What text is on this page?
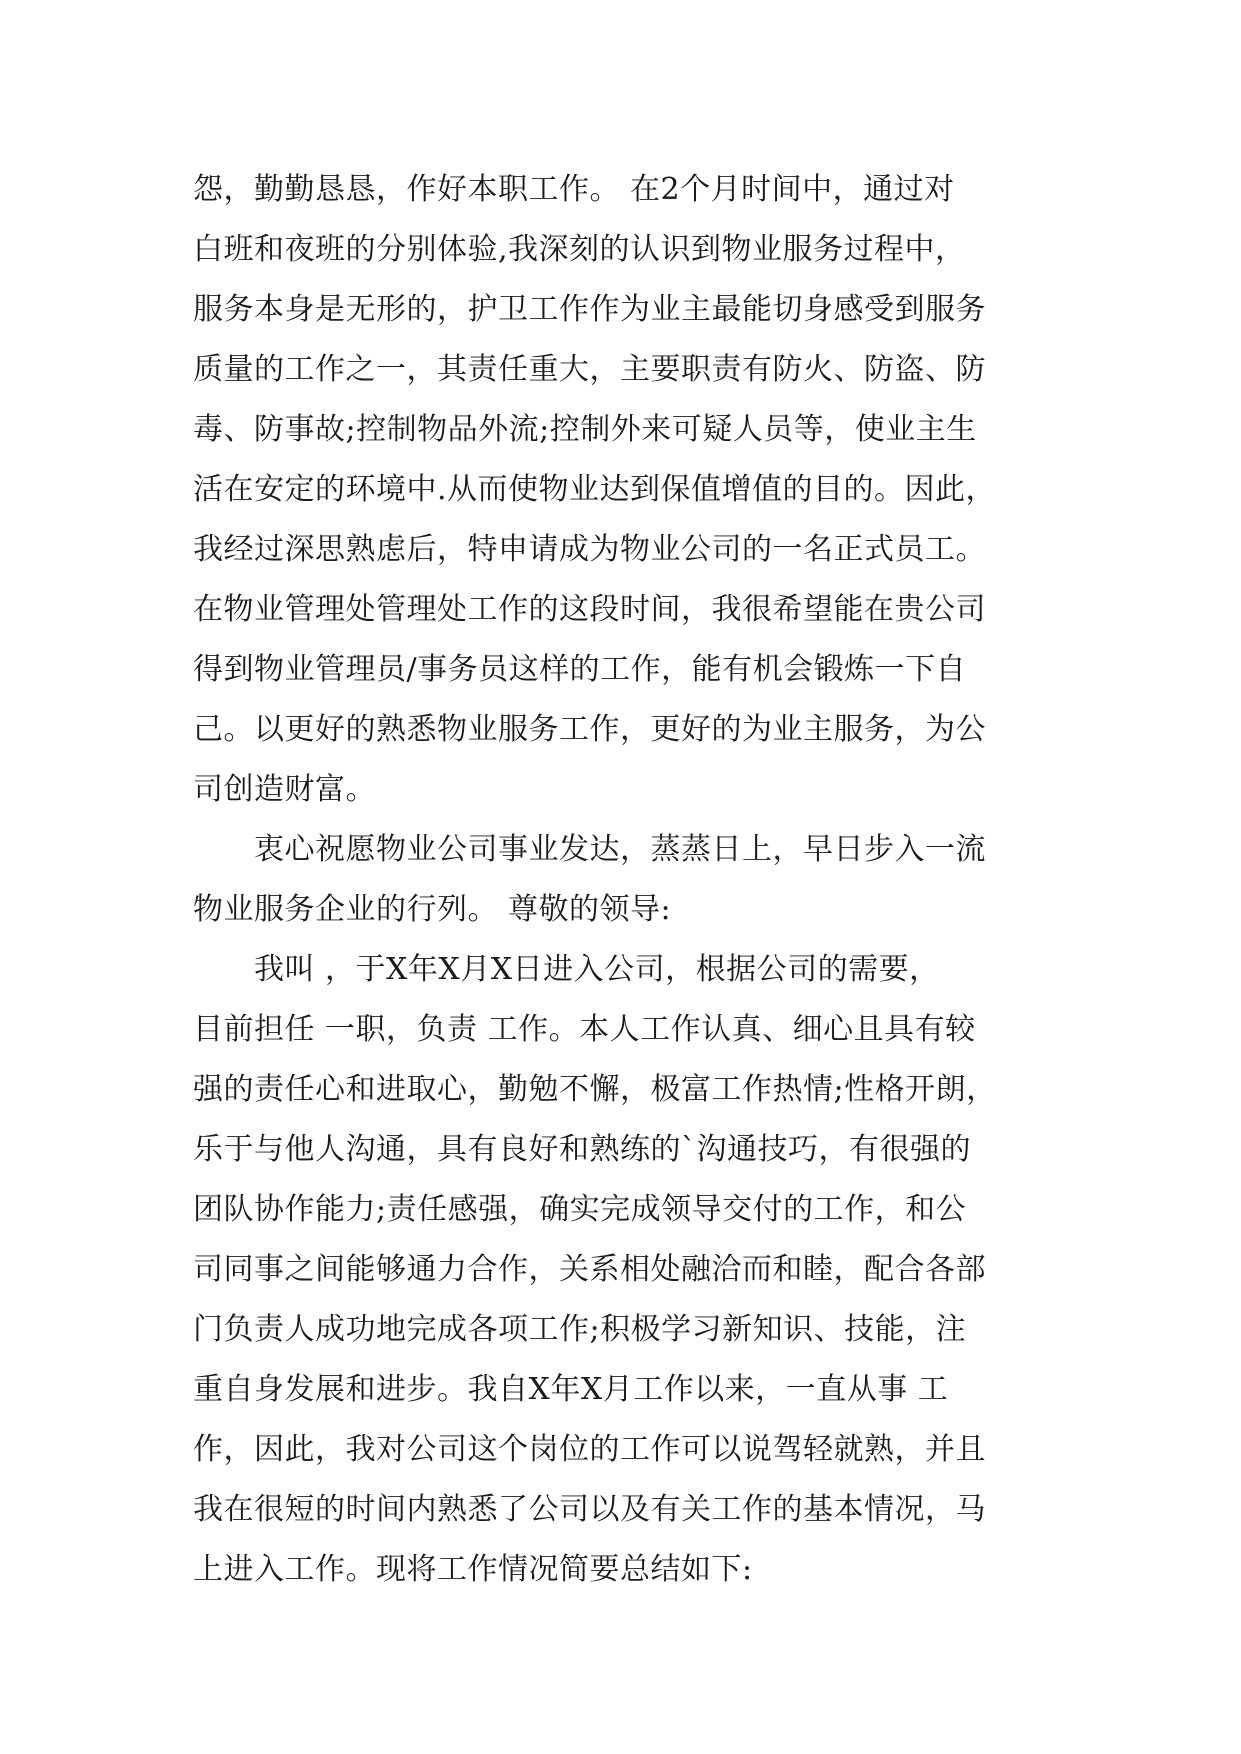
怨，勤勤恳恳，作好本职工作。 在2个月时间中，通过对
白班和夜班的分别体验,我深刻的认识到物业服务过程中，
服务本身是无形的，护卫工作作为业主最能切身感受到服务
质量的工作之一，其责任重大，主要职责有防火、防盗、防
毒、防事故;控制物品外流;控制外来可疑人员等，使业主生
活在安定的环境中.从而使物业达到保值增值的目的。因此，
我经过深思熟虑后，特申请成为物业公司的一名正式员工。
在物业管理处管理处工作的这段时间，我很希望能在贵公司
得到物业管理员/事务员这样的工作，能有机会锻炼一下自
己。以更好的熟悉物业服务工作，更好的为业主服务，为公
司创造财富。
　　衷心祝愿物业公司事业发达，蒸蒸日上，早日步入一流
物业服务企业的行列。 尊敬的领导:
　　我叫 ，于X年X月X日进入公司，根据公司的需要，
目前担任 一职，负责 工作。本人工作认真、细心且具有较
强的责任心和进取心，勤勉不懈，极富工作热情;性格开朗，
乐于与他人沟通，具有良好和熟练的`沟通技巧，有很强的
团队协作能力;责任感强，确实完成领导交付的工作，和公
司同事之间能够通力合作，关系相处融洽而和睦，配合各部
门负责人成功地完成各项工作;积极学习新知识、技能，注
重自身发展和进步。我自X年X月工作以来，一直从事 工
作，因此，我对公司这个岗位的工作可以说驾轻就熟，并且
我在很短的时间内熟悉了公司以及有关工作的基本情况，马
上进入工作。现将工作情况简要总结如下:
